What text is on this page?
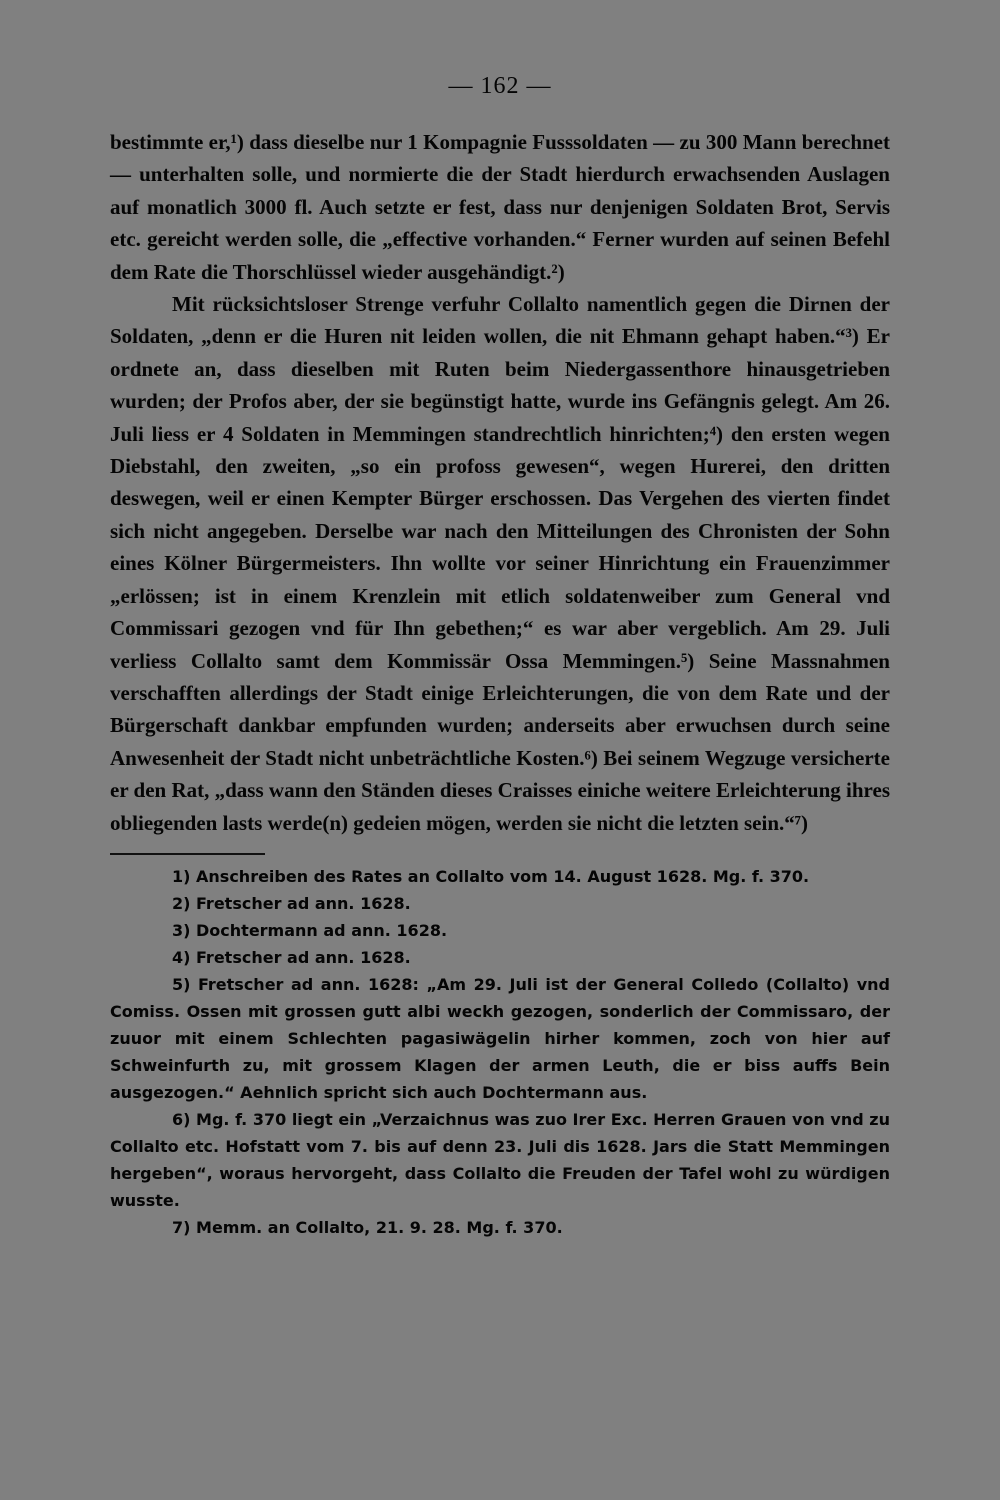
— 162 —

bestimmte er,¹) dass dieselbe nur 1 Kompagnie Fusssoldaten — zu 300 Mann berechnet — unterhalten solle, und normierte die der Stadt hierdurch erwachsenden Auslagen auf monatlich 3000 fl. Auch setzte er fest, dass nur denjenigen Soldaten Brot, Servis etc. gereicht werden solle, die „effective vorhanden.“ Ferner wurden auf seinen Befehl dem Rate die Thorschlüssel wieder ausgehändigt.²)

Mit rücksichtsloser Strenge verfuhr Collalto namentlich gegen die Dirnen der Soldaten, „denn er die Huren nit leiden wollen, die nit Ehmann gehapt haben.“³) Er ordnete an, dass dieselben mit Ruten beim Niedergassenthore hinausgetrieben wurden; der Profos aber, der sie begünstigt hatte, wurde ins Gefängnis gelegt. Am 26. Juli liess er 4 Soldaten in Memmingen standrechtlich hinrichten;⁴) den ersten wegen Diebstahl, den zweiten, „so ein profoss gewesen“, wegen Hurerei, den dritten deswegen, weil er einen Kempter Bürger erschossen. Das Vergehen des vierten findet sich nicht angegeben. Derselbe war nach den Mitteilungen des Chronisten der Sohn eines Kölner Bürgermeisters. Ihn wollte vor seiner Hinrichtung ein Frauenzimmer „erlössen; ist in einem Krenzlein mit etlich soldatenweiber zum General vnd Commissari gezogen vnd für Ihn gebethen;“ es war aber vergeblich. Am 29. Juli verliess Collalto samt dem Kommissär Ossa Memmingen.⁵) Seine Massnahmen verschafften allerdings der Stadt einige Erleichterungen, die von dem Rate und der Bürgerschaft dankbar empfunden wurden; anderseits aber erwuchsen durch seine Anwesenheit der Stadt nicht unbeträchtliche Kosten.⁶) Bei seinem Wegzuge versicherte er den Rat, „dass wann den Ständen dieses Craisses einiche weitere Erleichterung ihres obliegenden lasts werde(n) gedeien mögen, werden sie nicht die letzten sein.“⁷)

1) Anschreiben des Rates an Collalto vom 14. August 1628. Mg. f. 370.
2) Fretscher ad ann. 1628.
3) Dochtermann ad ann. 1628.
4) Fretscher ad ann. 1628.
5) Fretscher ad ann. 1628: „Am 29. Juli ist der General Colledo (Collalto) vnd Comiss. Ossen mit grossen gutt albi weckh gezogen, sonderlich der Commissaro, der zuuor mit einem Schlechten pagasiwägelin hirher kommen, zoch von hier auf Schweinfurth zu, mit grossem Klagen der armen Leuth, die er biss auffs Bein ausgezogen.“ Aehnlich spricht sich auch Dochtermann aus.
6) Mg. f. 370 liegt ein „Verzaichnus was zuo Irer Exc. Herren Grauen von vnd zu Collalto etc. Hofstatt vom 7. bis auf denn 23. Juli dis 1628. Jars die Statt Memmingen hergeben“, woraus hervorgeht, dass Collalto die Freuden der Tafel wohl zu würdigen wusste.
7) Memm. an Collalto, 21. 9. 28. Mg. f. 370.
